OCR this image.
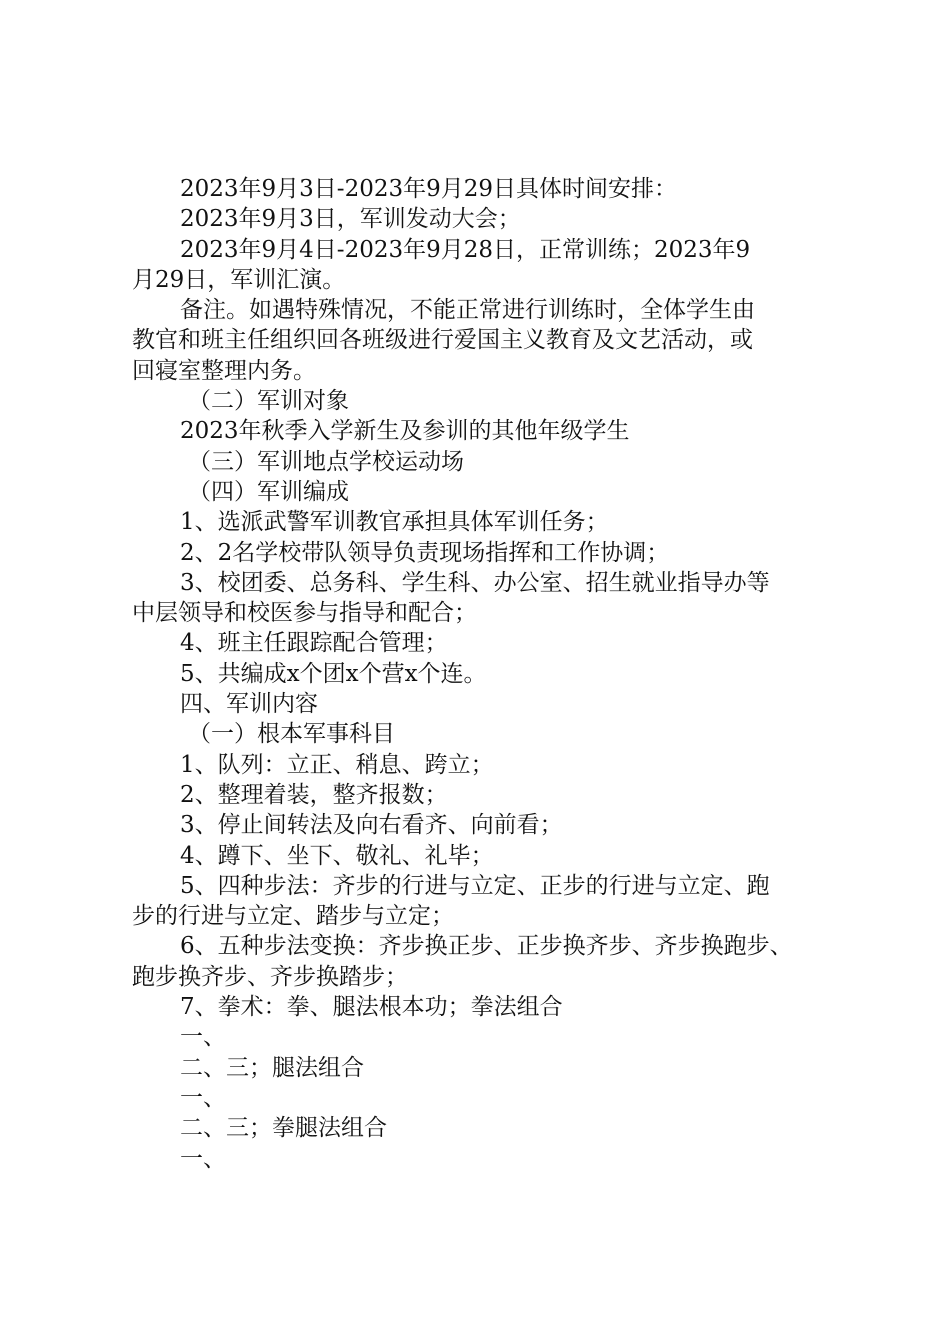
2023年9月3日-2023年9月29日具体时间安排：
2023年9月3日，军训发动大会；
2023年9月4日-2023年9月28日，正常训练；2023年9
月29日，军训汇演。
备注。如遇特殊情况，不能正常进行训练时，全体学生由
教官和班主任组织回各班级进行爱国主义教育及文艺活动，或
回寝室整理内务。
（二）军训对象
2023年秋季入学新生及参训的其他年级学生
（三）军训地点学校运动场
（四）军训编成
1、选派武警军训教官承担具体军训任务；
2、2名学校带队领导负责现场指挥和工作协调；
3、校团委、总务科、学生科、办公室、招生就业指导办等
中层领导和校医参与指导和配合；
4、班主任跟踪配合管理；
5、共编成x个团x个营x个连。
四、军训内容
（一）根本军事科目
1、队列：立正、稍息、跨立；
2、整理着装，整齐报数；
3、停止间转法及向右看齐、向前看；
4、蹲下、坐下、敬礼、礼毕；
5、四种步法：齐步的行进与立定、正步的行进与立定、跑
步的行进与立定、踏步与立定；
6、五种步法变换：齐步换正步、正步换齐步、齐步换跑步、
跑步换齐步、齐步换踏步；
7、拳术：拳、腿法根本功；拳法组合
一、
二、三；腿法组合
一、
二、三；拳腿法组合
一、
